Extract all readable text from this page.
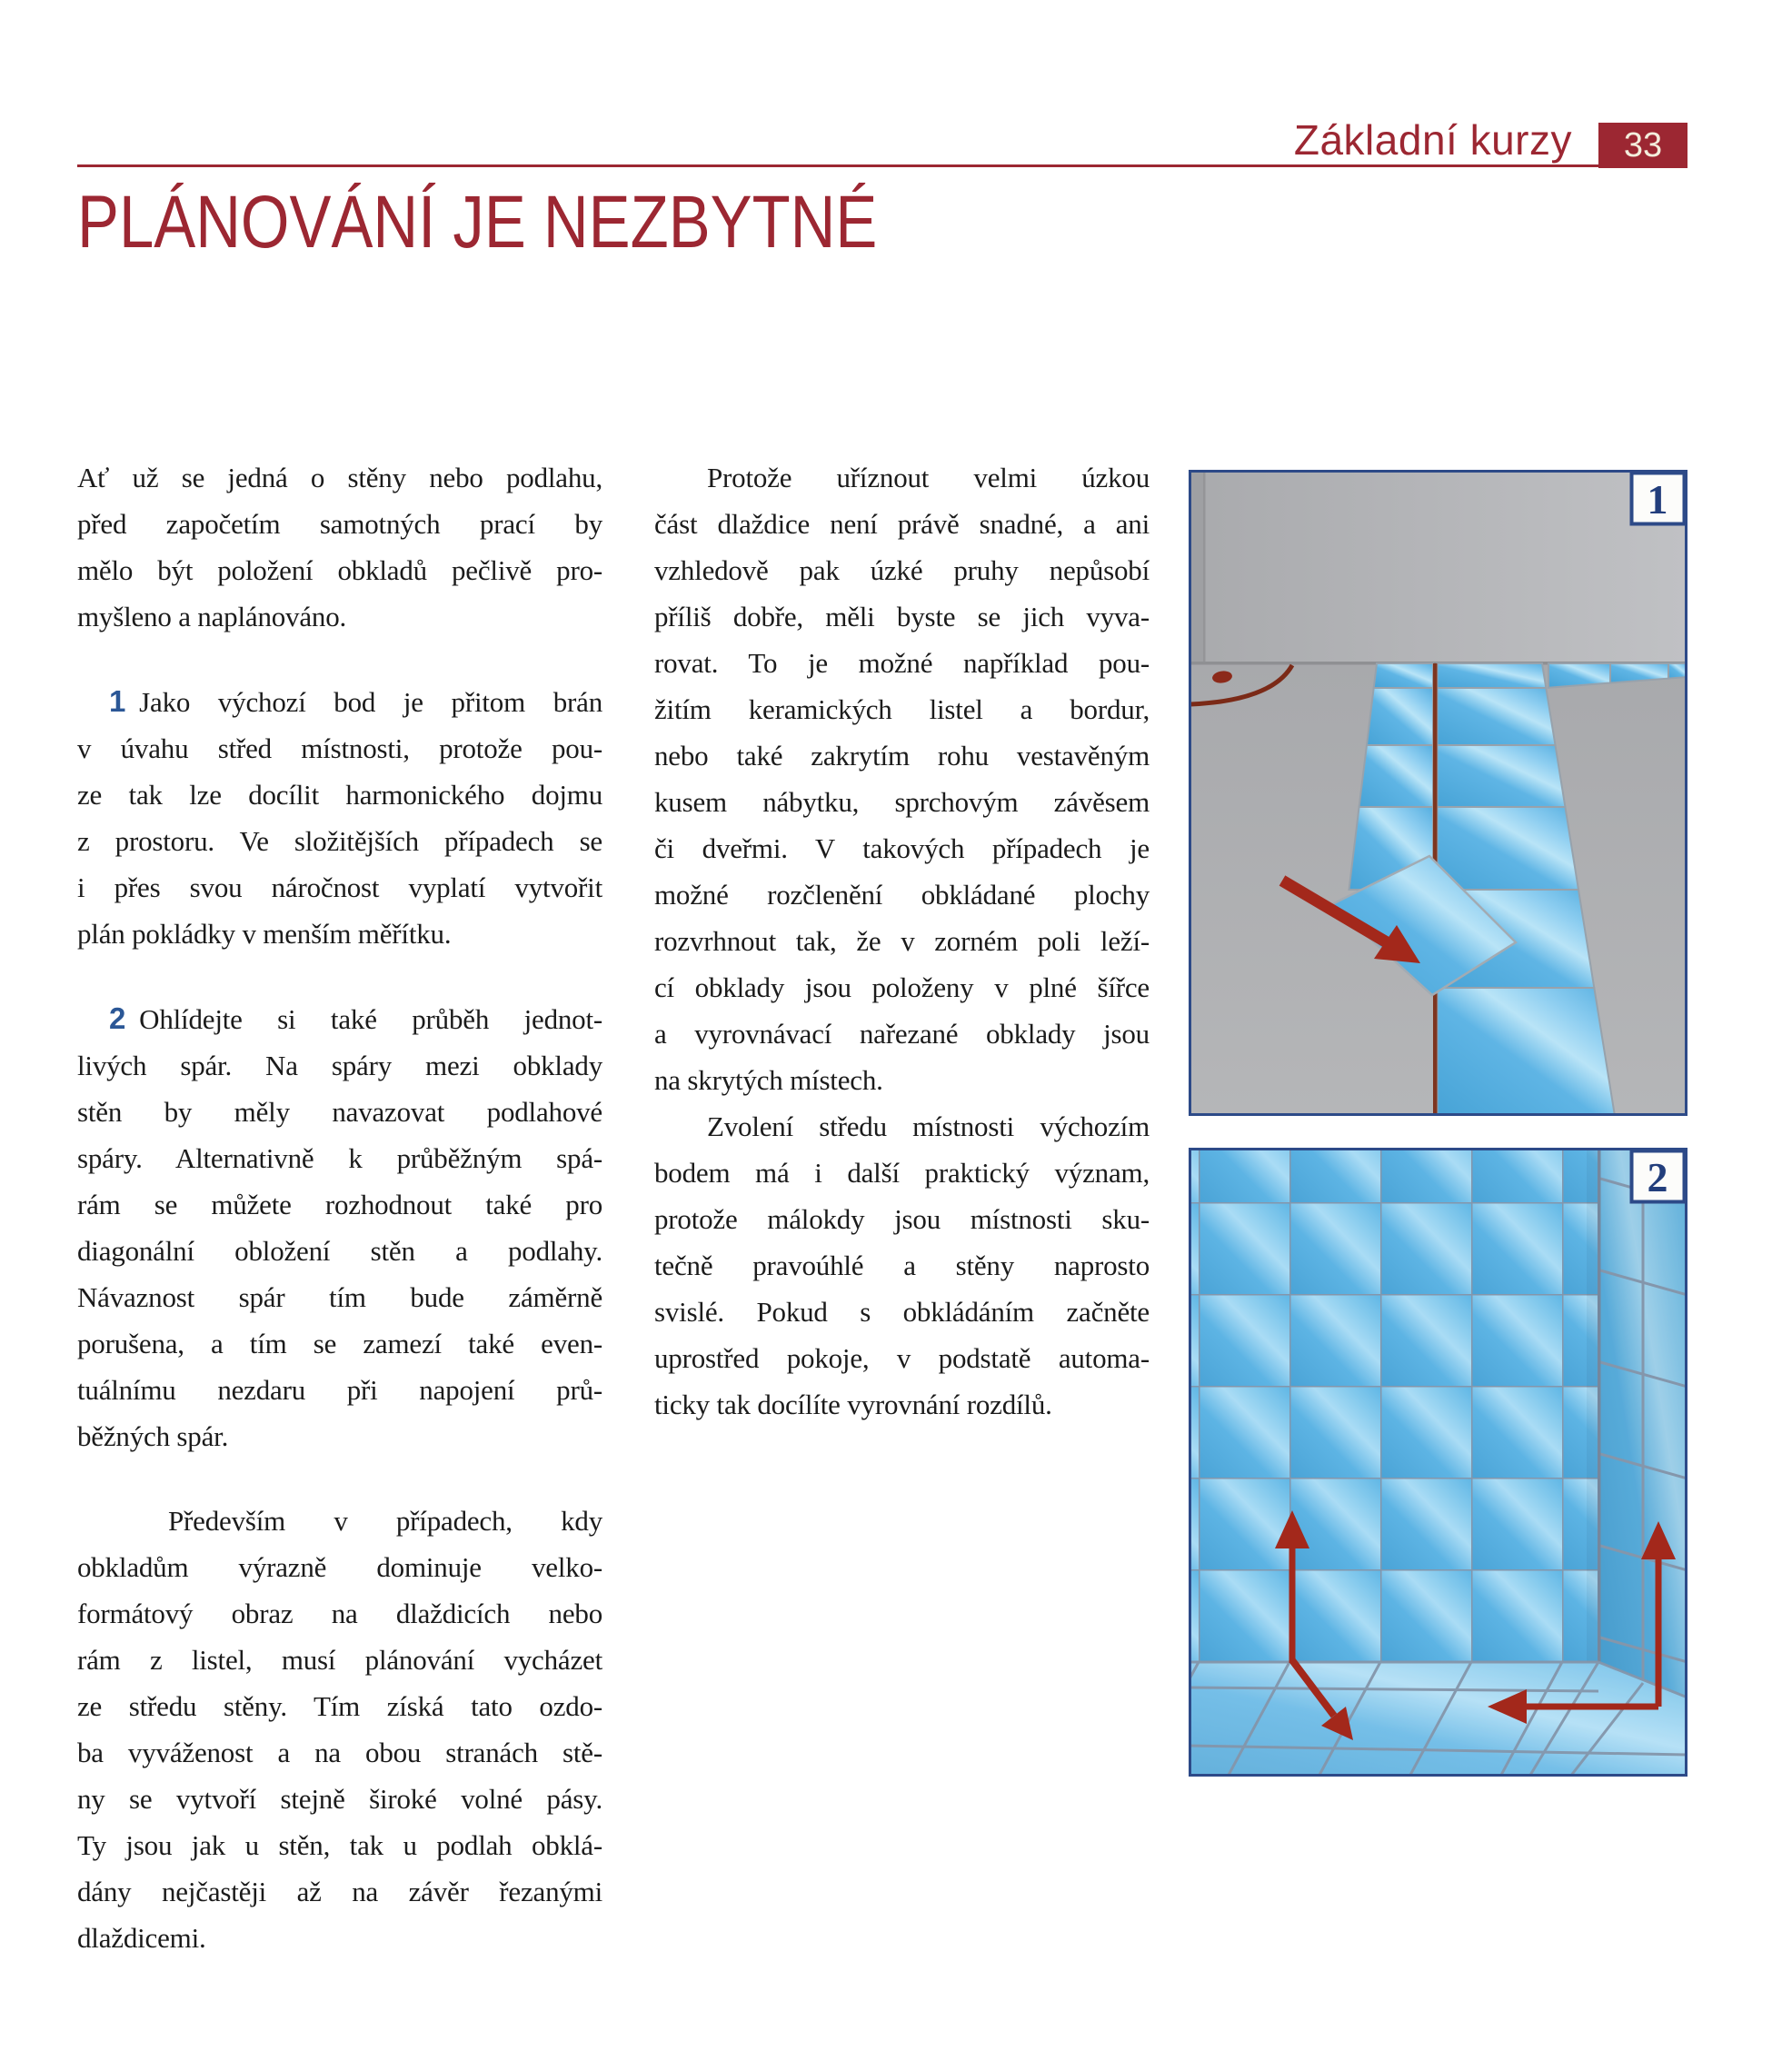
Základní kurzy 33
PLÁNOVÁNÍ JE NEZBYTNÉ
Ať už se jedná o stěny nebo podlahu,
před započetím samotných prací by
mělo být položení obkladů pečlivě pro-
myšleno a naplánováno.
1 Jako výchozí bod je přitom brán
v úvahu střed místnosti, protože pou-
ze tak lze docílit harmonického dojmu
z prostoru. Ve složitějších případech se
i přes svou náročnost vyplatí vytvořit
plán pokládky v menším měřítku.
2 Ohlídejte si také průběh jednot-
livých spár. Na spáry mezi obklady
stěn by měly navazovat podlahové
spáry. Alternativně k průběžným spá-
rám se můžete rozhodnout také pro
diagonální obložení stěn a podlahy.
Návaznost spár tím bude záměrně
porušena, a tím se zamezí také even-
tuálnímu nezdaru při napojení prů-
běžných spár.
Především v případech, kdy
obkladům výrazně dominuje velko-
formátový obraz na dlaždicích nebo
rám z listel, musí plánování vycházet
ze středu stěny. Tím získá tato ozdo-
ba vyváženost a na obou stranách stě-
ny se vytvoří stejně široké volné pásy.
Ty jsou jak u stěn, tak u podlah obklá-
dány nejčastěji až na závěr řezanými
dlaždicemi.
Protože uříznout velmi úzkou
část dlaždice není právě snadné, a ani
vzhledově pak úzké pruhy nepůsobí
příliš dobře, měli byste se jich vyva-
rovat. To je možné například pou-
žitím keramických listel a bordur,
nebo také zakrytím rohu vestavěným
kusem nábytku, sprchovým závěsem
či dveřmi. V takových případech je
možné rozčlenění obkládané plochy
rozvrhnout tak, že v zorném poli leží-
cí obklady jsou položeny v plné šířce
a vyrovnávací nařezané obklady jsou
na skrytých místech.
Zvolení středu místnosti výchozím
bodem má i další praktický význam,
protože málokdy jsou místnosti sku-
tečně pravoúhlé a stěny naprosto
svislé. Pokud s obkládáním začněte
uprostřed pokoje, v podstatě automa-
ticky tak docílíte vyrovnání rozdílů.
1
2
